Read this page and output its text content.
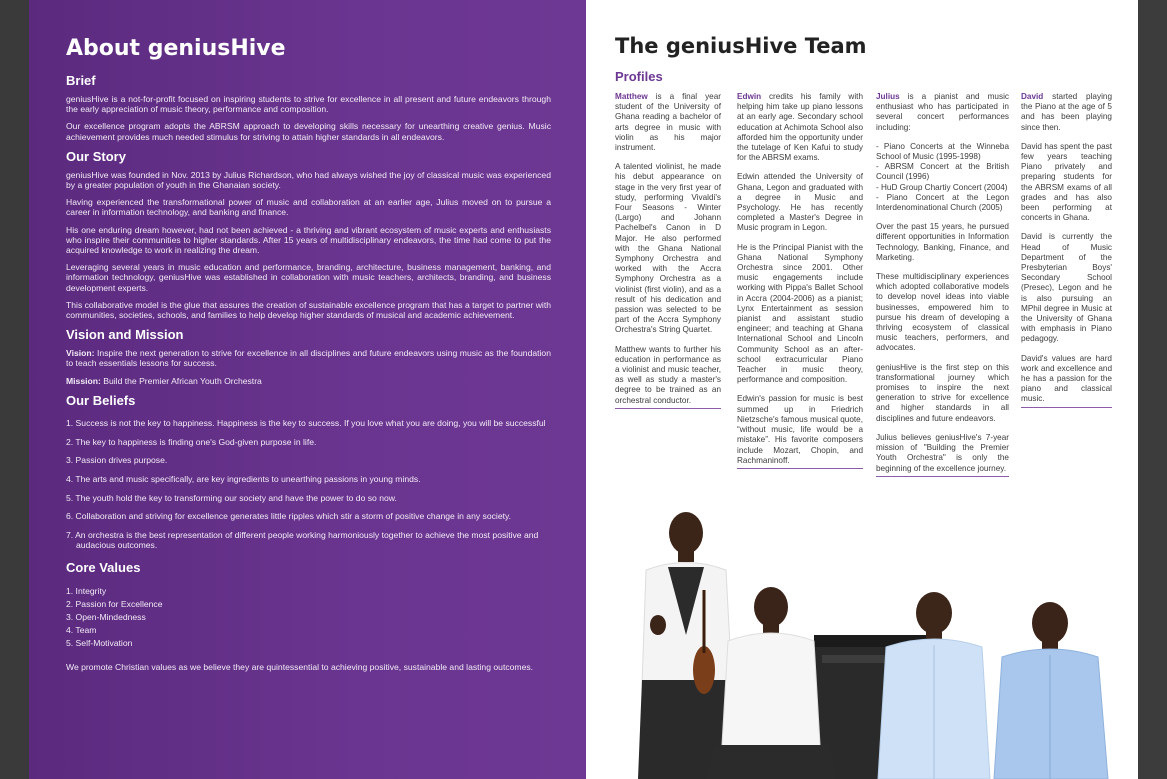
About geniusHive
Brief

geniusHive is a not-for-profit focused on inspiring students to strive for excellence in all present and future endeavors through the early appreciation of music theory, performance and composition.

Our excellence program adopts the ABRSM approach to developing skills necessary for unearthing creative genius. Music achievement provides much needed stimulus for striving to attain higher standards in all endeavors.

Our Story

geniusHive was founded in Nov. 2013 by Julius Richardson, who had always wished the joy of classical music was experienced by a greater population of youth in the Ghanaian society.

Having experienced the transformational power of music and collaboration at an earlier age, Julius moved on to pursue a career in information technology, and banking and finance.

His one enduring dream however, had not been achieved - a thriving and vibrant ecosystem of music experts and enthusiasts who inspire their communities to higher standards. After 15 years of multidisciplinary endeavors, the time had come to put the acquired knowledge to work in realizing the dream.

Leveraging several years in music education and performance, branding, architecture, business management, banking, and information technology, geniusHive was established in collaboration with music teachers, architects, branding, and business development experts.

This collaborative model is the glue that assures the creation of sustainable excellence program that has a target to partner with communities, societies, schools, and families to help develop higher standards of musical and academic achievement.

Vision and Mission

Vision: Inspire the next generation to strive for excellence in all disciplines and future endeavors using music as the foundation to teach essentials lessons for success.

Mission: Build the Premier African Youth Orchestra

Our Beliefs
1. Success is not the key to happiness. Happiness is the key to success. If you love what you are doing, you will be successful
2. The key to happiness is finding one's God-given purpose in life.
3. Passion drives purpose.
4. The arts and music specifically, are key ingredients to unearthing passions in young minds.
5. The youth hold the key to transforming our society and have the power to do so now.
6. Collaboration and striving for excellence generates little ripples which stir a storm of positive change in any society.
7. An orchestra is the best representation of different people working harmoniously together to achieve the most positive and audacious outcomes.
Core Values
1. Integrity
2. Passion for Excellence
3. Open-Mindedness
4. Team
5. Self-Motivation

We promote Christian values as we believe they are quintessential to achieving positive, sustainable and lasting outcomes.

The geniusHive Team
Profiles

Matthew is a final year student of the University of Ghana reading a bachelor of arts degree in music with violin as his major instrument.

A talented violinist, he made his debut appearance on stage in the very first year of study, performing Vivaldi's Four Seasons - Winter (Largo) and Johann Pachelbel's Canon in D Major. He also performed with the Ghana National Symphony Orchestra and worked with the Accra Symphony Orchestra as a violinist (first violin), and as a result of his dedication and passion was selected to be part of the Accra Symphony Orchestra's String Quartet.

Matthew wants to further his education in performance as a violinist and music teacher, as well as study a master's degree to be trained as an orchestral conductor.

Edwin credits his family with helping him take up piano lessons at an early age. Secondary school education at Achimota School also afforded him the opportunity under the tutelage of Ken Kafui to study for the ABRSM exams.

Edwin attended the University of Ghana, Legon and graduated with a degree in Music and Psychology. He has recently completed a Master's Degree in Music program in Legon.

He is the Principal Pianist with the Ghana National Symphony Orchestra since 2001. Other music engagements include working with Pippa's Ballet School in Accra (2004-2006) as a pianist; Lynx Entertainment as session pianist and assistant studio engineer; and teaching at Ghana International School and Lincoln Community School as an after-school extracurricular Piano Teacher in music theory, performance and composition.

Edwin's passion for music is best summed up in Friedrich Nietzsche's famous musical quote, “without music, life would be a mistake”. His favorite composers include Mozart, Chopin, and Rachmaninoff.

Julius is a pianist and music enthusiast who has participated in several concert performances including:

- Piano Concerts at the Winneba School of Music (1995-1998)
- ABRSM Concert at the British Council (1996)
- HuD Group Chartiy Concert (2004)
- Piano Concert at the Legon Interdenominational Church (2005)

Over the past 15 years, he pursued different opportunities in Information Technology, Banking, Finance, and Marketing.

These multidisciplinary experiences which adopted collaborative models to develop novel ideas into viable businesses, empowered him to pursue his dream of developing a thriving ecosystem of classical music teachers, performers, and advocates.

geniusHive is the first step on this transformational journey which promises to inspire the next generation to strive for excellence and higher standards in all disciplines and future endeavors.

Julius believes geniusHive's 7-year mission of "Building the Premier Youth Orchestra" is only the beginning of the excellence journey.

David started playing the Piano at the age of 5 and has been playing since then.

David has spent the past few years teaching Piano privately and preparing students for the ABRSM exams of all grades and has also been performing at concerts in Ghana.

David is currently the Head of Music Department of the Presbyterian Boys' Secondary School (Presec), Legon and he is also pursuing an MPhil degree in Music at the University of Ghana with emphasis in Piano pedagogy.

David's values are hard work and excellence and he has a passion for the piano and classical music.
